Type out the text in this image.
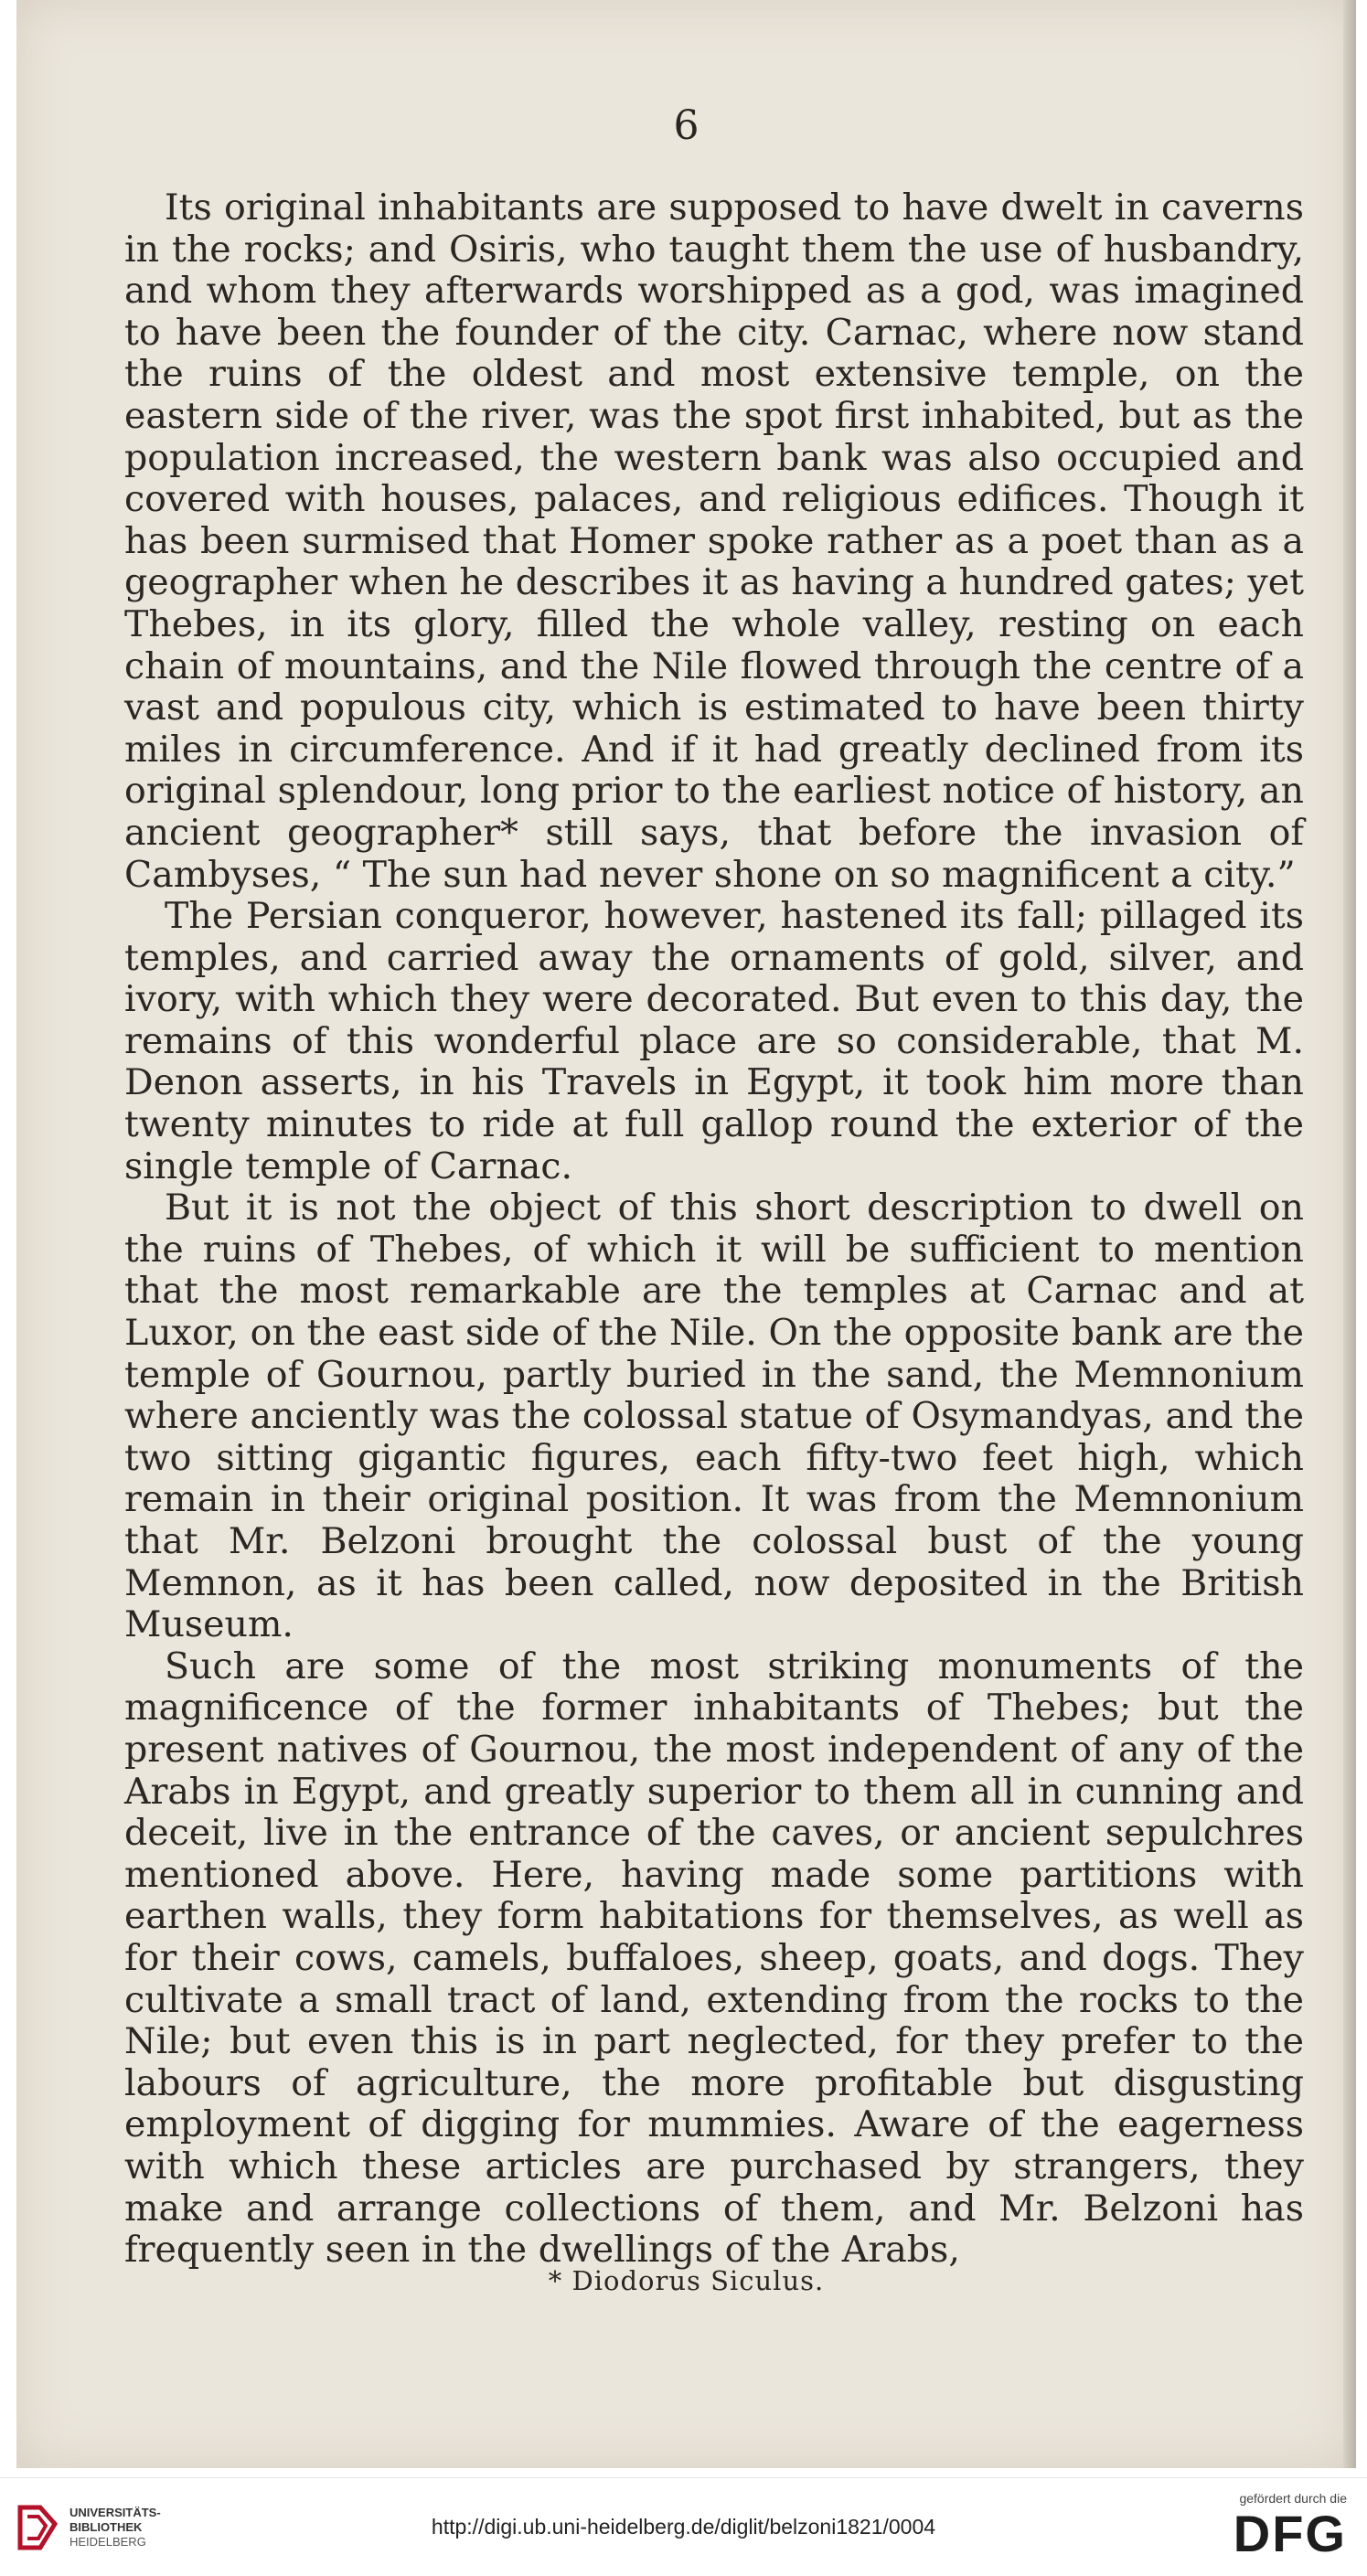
6

Its original inhabitants are supposed to have dwelt in caverns in the rocks; and Osiris, who taught them the use of husbandry, and whom they afterwards worshipped as a god, was imagined to have been the founder of the city. Carnac, where now stand the ruins of the oldest and most extensive temple, on the eastern side of the river, was the spot first inhabited, but as the population increased, the western bank was also occupied and covered with houses, palaces, and religious edifices. Though it has been surmised that Homer spoke rather as a poet than as a geographer when he describes it as having a hundred gates; yet Thebes, in its glory, filled the whole valley, resting on each chain of mountains, and the Nile flowed through the centre of a vast and populous city, which is estimated to have been thirty miles in circumference. And if it had greatly declined from its original splendour, long prior to the earliest notice of history, an ancient geographer* still says, that before the invasion of Cambyses, “ The sun had never shone on so magnificent a city.”

The Persian conqueror, however, hastened its fall; pillaged its temples, and carried away the ornaments of gold, silver, and ivory, with which they were decorated. But even to this day, the remains of this wonderful place are so considerable, that M. Denon asserts, in his Travels in Egypt, it took him more than twenty minutes to ride at full gallop round the exterior of the single temple of Carnac.

But it is not the object of this short description to dwell on the ruins of Thebes, of which it will be sufficient to mention that the most remarkable are the temples at Carnac and at Luxor, on the east side of the Nile. On the opposite bank are the temple of Gournou, partly buried in the sand, the Memnonium where anciently was the colossal statue of Osymandyas, and the two sitting gigantic figures, each fifty-two feet high, which remain in their original position. It was from the Memnonium that Mr. Belzoni brought the colossal bust of the young Memnon, as it has been called, now deposited in the British Museum.

Such are some of the most striking monuments of the magnificence of the former inhabitants of Thebes; but the present natives of Gournou, the most independent of any of the Arabs in Egypt, and greatly superior to them all in cunning and deceit, live in the entrance of the caves, or ancient sepulchres mentioned above. Here, having made some partitions with earthen walls, they form habitations for themselves, as well as for their cows, camels, buffaloes, sheep, goats, and dogs. They cultivate a small tract of land, extending from the rocks to the Nile; but even this is in part neglected, for they prefer to the labours of agriculture, the more profitable but disgusting employment of digging for mummies. Aware of the eagerness with which these articles are purchased by strangers, they make and arrange collections of them, and Mr. Belzoni has frequently seen in the dwellings of the Arabs,

* Diodorus Siculus.
UNIVERSITÄTS-
BIBLIOTHEK
HEIDELBERG
http://digi.ub.uni-heidelberg.de/diglit/belzoni1821/0004
gefördert durch die
DFG
